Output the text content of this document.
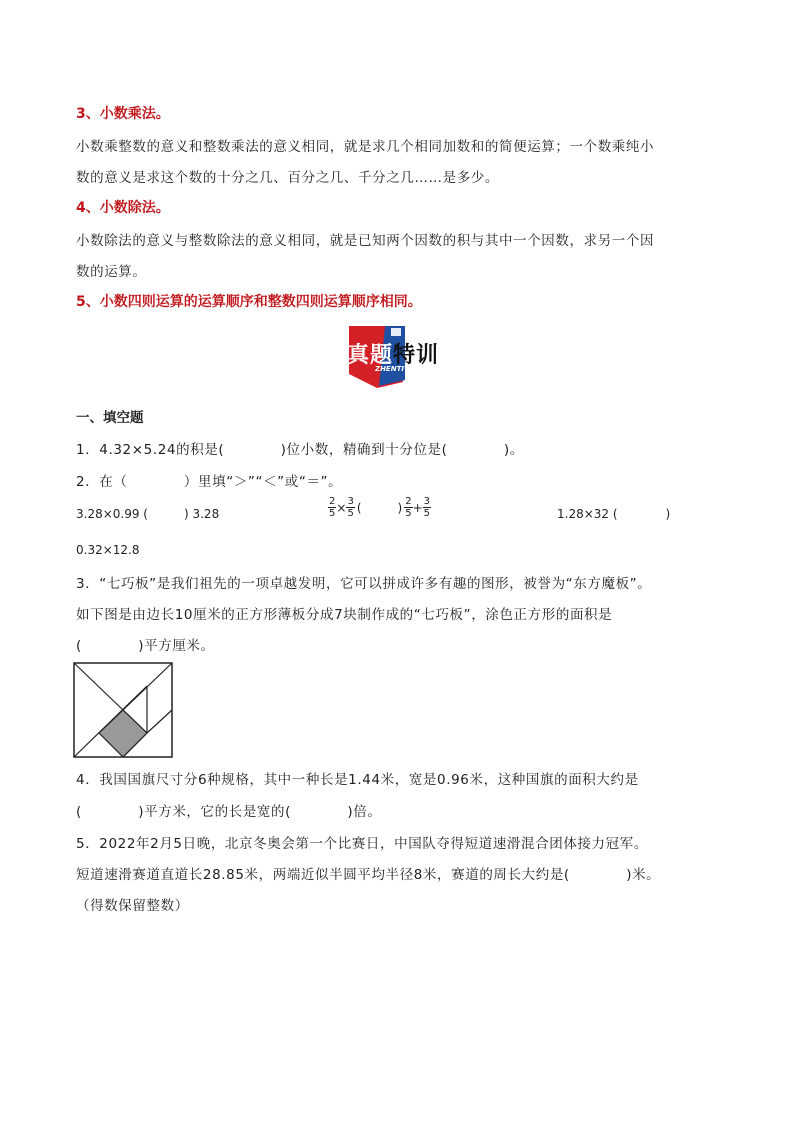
3、小数乘法。
小数乘整数的意义和整数乘法的意义相同，就是求几个相同加数和的简便运算；一个数乘纯小
数的意义是求这个数的十分之几、百分之几、千分之几……是多少。
4、小数除法。
小数除法的意义与整数除法的意义相同，就是已知两个因数的积与其中一个因数，求另一个因
数的运算。
5、小数四则运算的运算顺序和整数四则运算顺序相同。
真题特训
ZHENTITEXUN
一、填空题
1．4.32×5.24的积是(　　　　)位小数，精确到十分位是(　　　　)。
2．在（　　　　）里填“＞”“＜”或“＝”。
3.28×0.99 (　　　) 3.28	$\frac{2}{5} \times \frac{3}{5}$ (　　　) $\frac{2}{5} + \frac{3}{5}$	1.28×32 (　　　　)
0.32×12.8
3．“七巧板”是我们祖先的一项卓越发明，它可以拼成许多有趣的图形，被誉为“东方魔板”。
如下图是由边长10厘米的正方形薄板分成7块制作成的“七巧板”，涂色正方形的面积是
(　　　　)平方厘米。
4．我国国旗尺寸分6种规格，其中一种长是1.44米，宽是0.96米，这种国旗的面积大约是
(　　　　)平方米，它的长是宽的(　　　　)倍。
5．2022年2月5日晚，北京冬奥会第一个比赛日，中国队夺得短道速滑混合团体接力冠军。
短道速滑赛道直道长28.85米，两端近似半圆平均半径8米，赛道的周长大约是(　　　　)米。
（得数保留整数）
